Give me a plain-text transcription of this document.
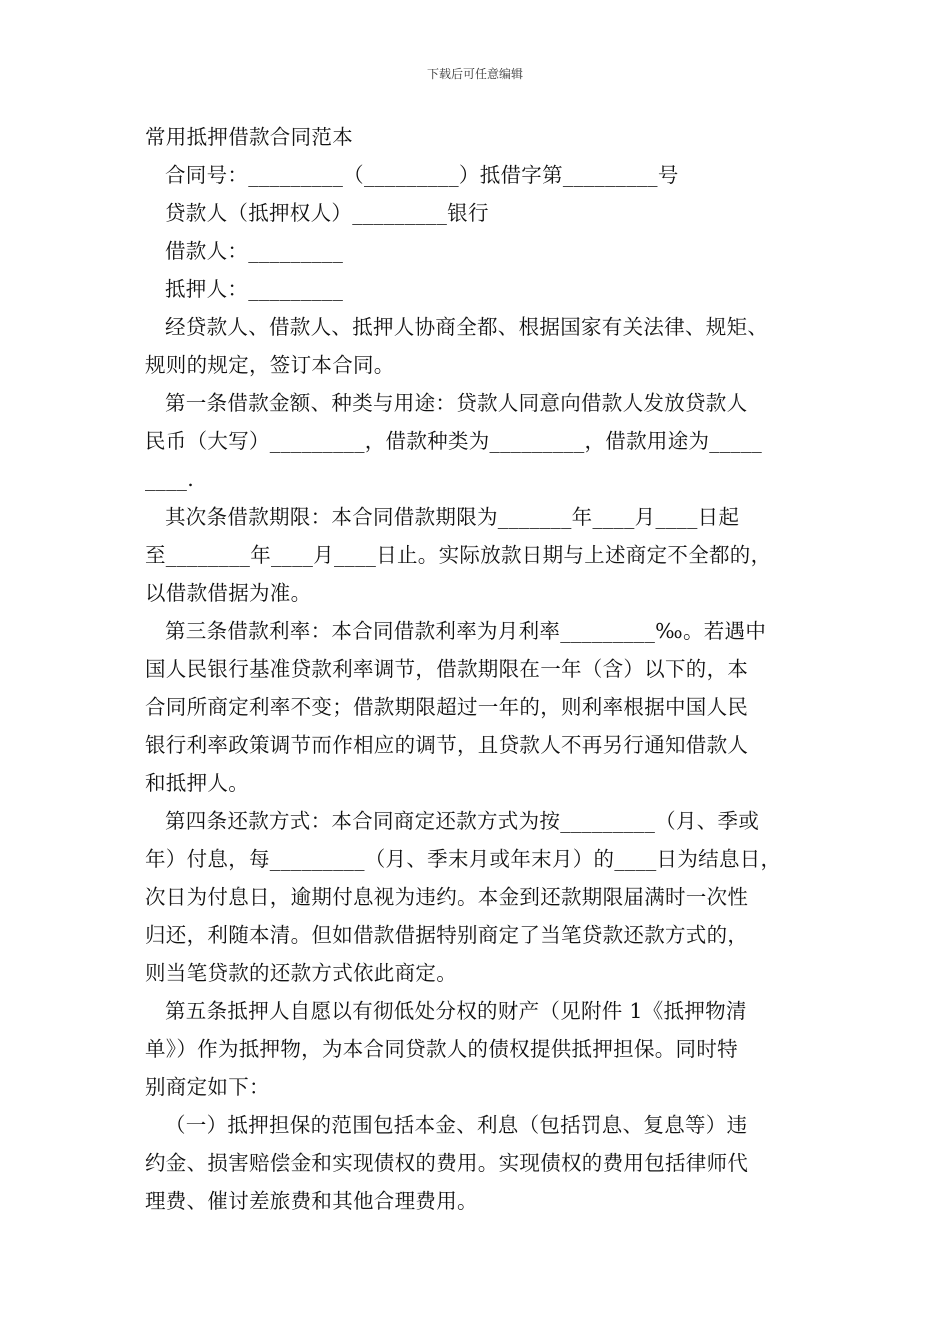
下载后可任意编辑
常用抵押借款合同范本
合同号：_________（_________）抵借字第_________号
贷款人（抵押权人）_________银行
借款人：_________
抵押人：_________
经贷款人、借款人、抵押人协商全都、根据国家有关法律、规矩、
规则的规定，签订本合同。
第一条借款金额、种类与用途：贷款人同意向借款人发放贷款人
民币（大写）_________，借款种类为_________，借款用途为_____
____.
其次条借款期限：本合同借款期限为_______年____月____日起
至________年____月____日止。实际放款日期与上述商定不全都的，
以借款借据为准。
第三条借款利率：本合同借款利率为月利率_________‰。若遇中
国人民银行基准贷款利率调节，借款期限在一年（含）以下的，本
合同所商定利率不变；借款期限超过一年的，则利率根据中国人民
银行利率政策调节而作相应的调节，且贷款人不再另行通知借款人
和抵押人。
第四条还款方式：本合同商定还款方式为按_________（月、季或
年）付息，每_________（月、季末月或年末月）的____日为结息日，
次日为付息日，逾期付息视为违约。本金到还款期限届满时一次性
归还，利随本清。但如借款借据特别商定了当笔贷款还款方式的，
则当笔贷款的还款方式依此商定。
第五条抵押人自愿以有彻低处分权的财产（见附件 1《抵押物清
单》）作为抵押物，为本合同贷款人的债权提供抵押担保。同时特
别商定如下：
（一）抵押担保的范围包括本金、利息（包括罚息、复息等）违
约金、损害赔偿金和实现债权的费用。实现债权的费用包括律师代
理费、催讨差旅费和其他合理费用。
